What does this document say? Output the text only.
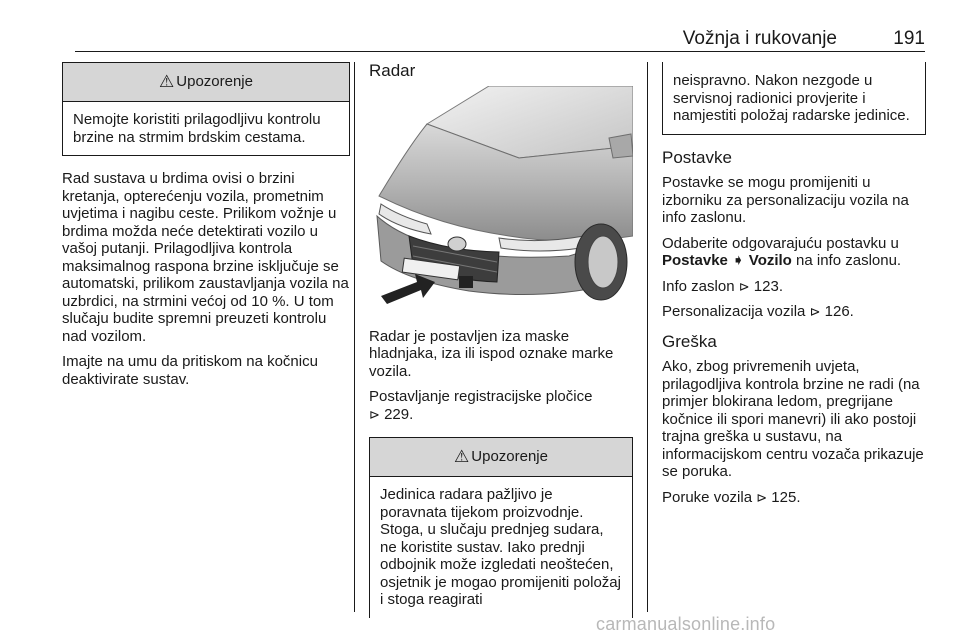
Vožnja i rukovanje	191
⚠ Upozorenje
Nemojte koristiti prilagodljivu kontrolu brzine na strmim brdskim cestama.

Rad sustava u brdima ovisi o brzini kretanja, opterećenju vozila, prometnim uvjetima i nagibu ceste. Prilikom vožnje u brdima možda neće detektirati vozilo u vašoj putanji. Prilagodljiva kontrola maksimalnog raspona brzine isključuje se automatski, prilikom zaustavljanja vozila na uzbrdici, na strmini većoj od 10 %. U tom slučaju budite spremni preuzeti kontrolu nad vozilom.

Imajte na umu da pritiskom na kočnicu deaktivirate sustav.

Radar

Radar je postavljen iza maske hladnjaka, iza ili ispod oznake marke vozila.

Postavljanje registracijske pločice
⊳ 229.

⚠ Upozorenje
Jedinica radara pažljivo je poravnata tijekom proizvodnje. Stoga, u slučaju prednjeg sudara, ne koristite sustav. Iako prednji odbojnik može izgledati neoštećen, osjetnik je mogao promijeniti položaj i stoga reagirati
neispravno. Nakon nezgode u servisnoj radionici provjerite i namjestiti položaj radarske jedinice.
Postavke

Postavke se mogu promijeniti u izborniku za personalizaciju vozila na info zaslonu.

Odaberite odgovarajuću postavku u Postavke ➧ Vozilo na info zaslonu.

Info zaslon ⊳ 123.

Personalizacija vozila ⊳ 126.

Greška

Ako, zbog privremenih uvjeta, prilagodljiva kontrola brzine ne radi (na primjer blokirana ledom, pregrijane kočnice ili spori manevri) ili ako postoji trajna greška u sustavu, na informacijskom centru vozača prikazuje se poruka.

Poruke vozila ⊳ 125.

carmanualsonline.info
